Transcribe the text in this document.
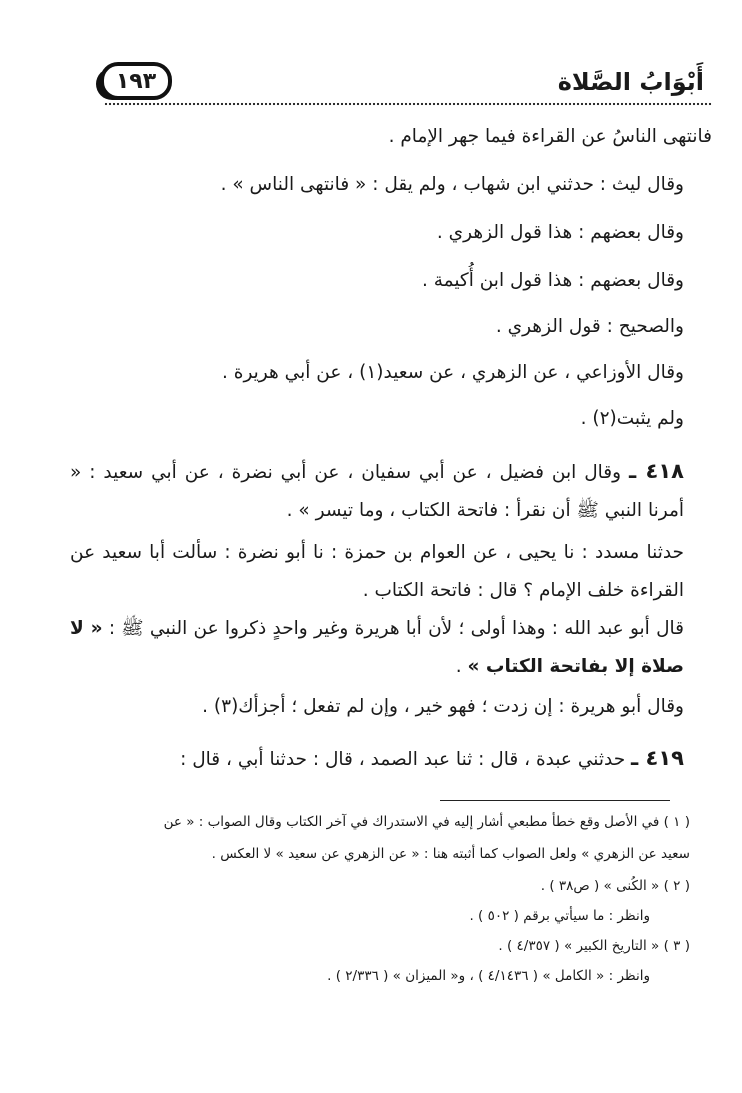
١٩٣	أَبْوَابُ الصَّلاة
فانتهى الناسُ عن القراءة فيما جهر الإمام .
وقال ليث : حدثني ابن شهاب ، ولم يقل : « فانتهى الناس » .
وقال بعضهم : هذا قول الزهري .
وقال بعضهم : هذا قول ابن أُكيمة .
والصحيح : قول الزهري .
وقال الأوزاعي ، عن الزهري ، عن سعيد(١) ، عن أبي هريرة .
ولم يثبت(٢) .
٤١٨ ـ وقال ابن فضيل ، عن أبي سفيان ، عن أبي نضرة ، عن أبي سعيد : « أمرنا النبي ﷺ أن نقرأ : فاتحة الكتاب ، وما تيسر » .
حدثنا مسدد : نا يحيى ، عن العوام بن حمزة : نا أبو نضرة : سألت أبا سعيد عن القراءة خلف الإمام ؟ قال : فاتحة الكتاب .
قال أبو عبد الله : وهذا أولى ؛ لأن أبا هريرة وغير واحدٍ ذكروا عن النبي ﷺ : « لا صلاة إلا بفاتحة الكتاب » .
وقال أبو هريرة : إن زدت ؛ فهو خير ، وإن لم تفعل ؛ أجزأك(٣) .
٤١٩ ـ حدثني عبدة ، قال : ثنا عبد الصمد ، قال : حدثنا أبي ، قال :
( ١ ) في الأصل وقع خطأ مطبعي أشار إليه في الاستدراك في آخر الكتاب وقال الصواب : « عن
سعيد عن الزهري » ولعل الصواب كما أثبته هنا : « عن الزهري عن سعيد » لا العكس .
( ٢ ) « الكُنى » ( ص٣٨ ) .
وانظر : ما سيأتي برقم ( ٥٠٢ ) .
( ٣ ) « التاريخ الكبير » ( ٤/٣٥٧ ) .
وانظر : « الكامل » ( ٤/١٤٣٦ ) ، و« الميزان » ( ٢/٣٣٦ ) .
